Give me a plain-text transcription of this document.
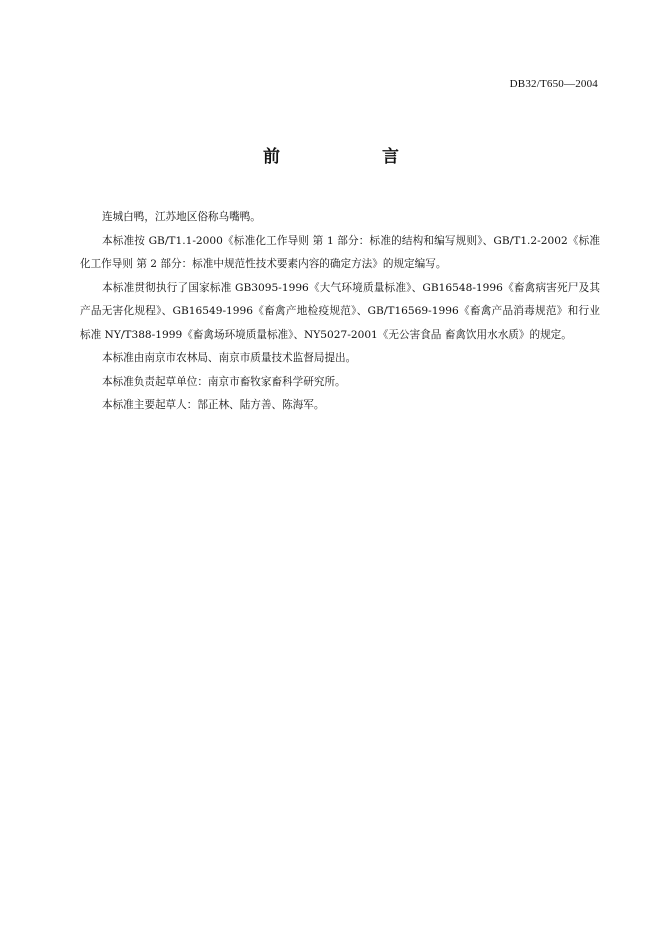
DB32/T650—2004
前 言

连城白鸭，江苏地区俗称乌嘴鸭。

本标准按 GB/T1.1-2000《标准化工作导则 第 1 部分：标准的结构和编写规则》、GB/T1.2-2002《标准化工作导则 第 2 部分：标准中规范性技术要素内容的确定方法》的规定编写。

本标准贯彻执行了国家标准 GB3095-1996《大气环境质量标准》、GB16548-1996《畜禽病害死尸及其产品无害化规程》、GB16549-1996《畜禽产地检疫规范》、GB/T16569-1996《畜禽产品消毒规范》和行业标准 NY/T388-1999《畜禽场环境质量标准》、NY5027-2001《无公害食品 畜禽饮用水水质》的规定。

本标准由南京市农林局、南京市质量技术监督局提出。

本标准负责起草单位：南京市畜牧家畜科学研究所。

本标准主要起草人：郜正林、陆方善、陈海军。
